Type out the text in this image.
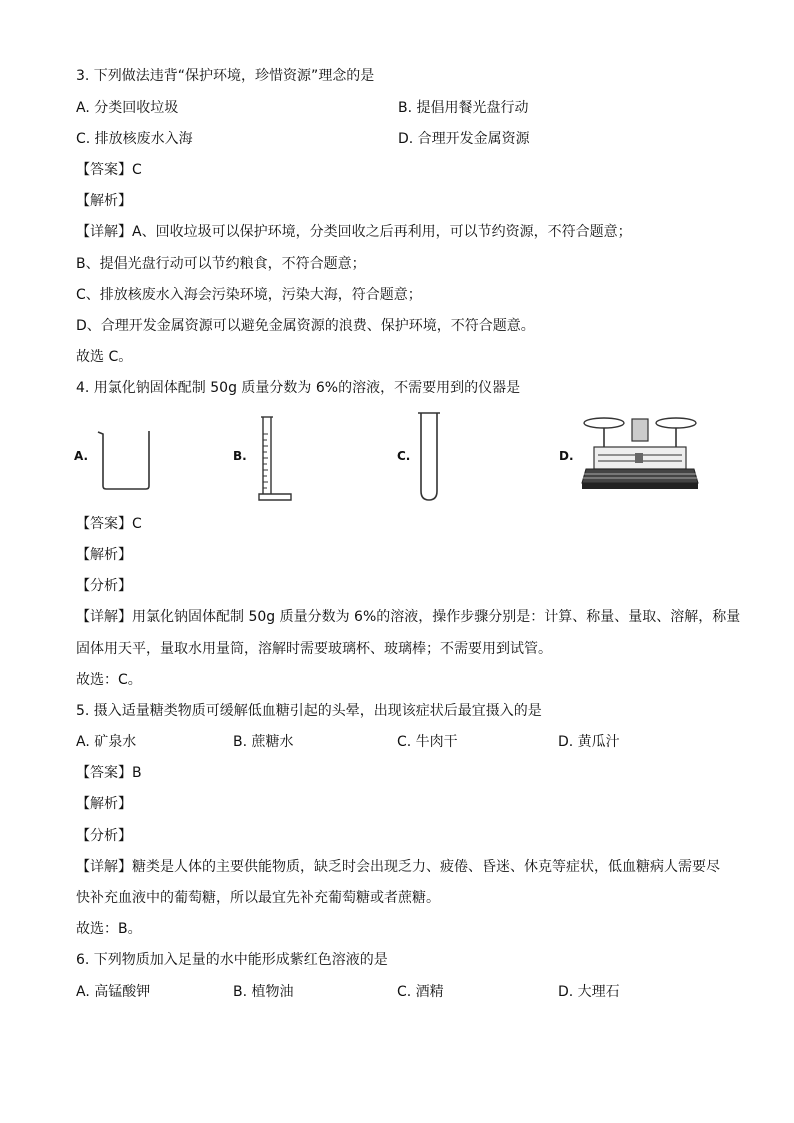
3. 下列做法违背“保护环境，珍惜资源”理念的是
A. 分类回收垃圾	B. 提倡用餐光盘行动
C. 排放核废水入海	D. 合理开发金属资源
【答案】C
【解析】
【详解】A、回收垃圾可以保护环境，分类回收之后再利用，可以节约资源，不符合题意；
B、提倡光盘行动可以节约粮食，不符合题意；
C、排放核废水入海会污染环境，污染大海，符合题意；
D、合理开发金属资源可以避免金属资源的浪费、保护环境，不符合题意。
故选 C。
4. 用氯化钠固体配制 50g 质量分数为 6%的溶液，不需要用到的仪器是
A.	B.	C.	D.
【答案】C
【解析】
【分析】
【详解】用氯化钠固体配制 50g 质量分数为 6%的溶液，操作步骤分别是：计算、称量、量取、溶解，称量
固体用天平，量取水用量筒，溶解时需要玻璃杯、玻璃棒；不需要用到试管。
故选：C。
5. 摄入适量糖类物质可缓解低血糖引起的头晕，出现该症状后最宜摄入的是
A. 矿泉水	B. 蔗糖水	C. 牛肉干	D. 黄瓜汁
【答案】B
【解析】
【分析】
【详解】糖类是人体的主要供能物质，缺乏时会出现乏力、疲倦、昏迷、休克等症状，低血糖病人需要尽
快补充血液中的葡萄糖，所以最宜先补充葡萄糖或者蔗糖。
故选：B。
6. 下列物质加入足量的水中能形成紫红色溶液的是
A. 高锰酸钾	B. 植物油	C. 酒精	D. 大理石
